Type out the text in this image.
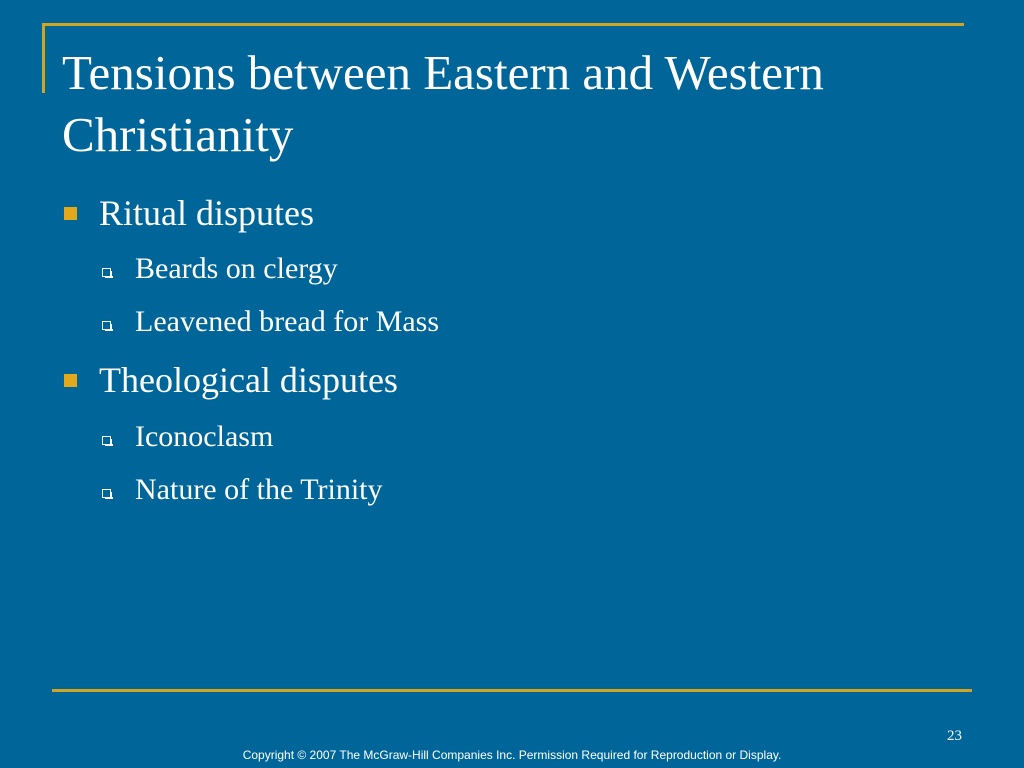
Tensions between Eastern and Western Christianity
Ritual disputes
Beards on clergy
Leavened bread for Mass
Theological disputes
Iconoclasm
Nature of the Trinity
23
Copyright © 2007 The McGraw-Hill Companies Inc. Permission Required for Reproduction or Display.
